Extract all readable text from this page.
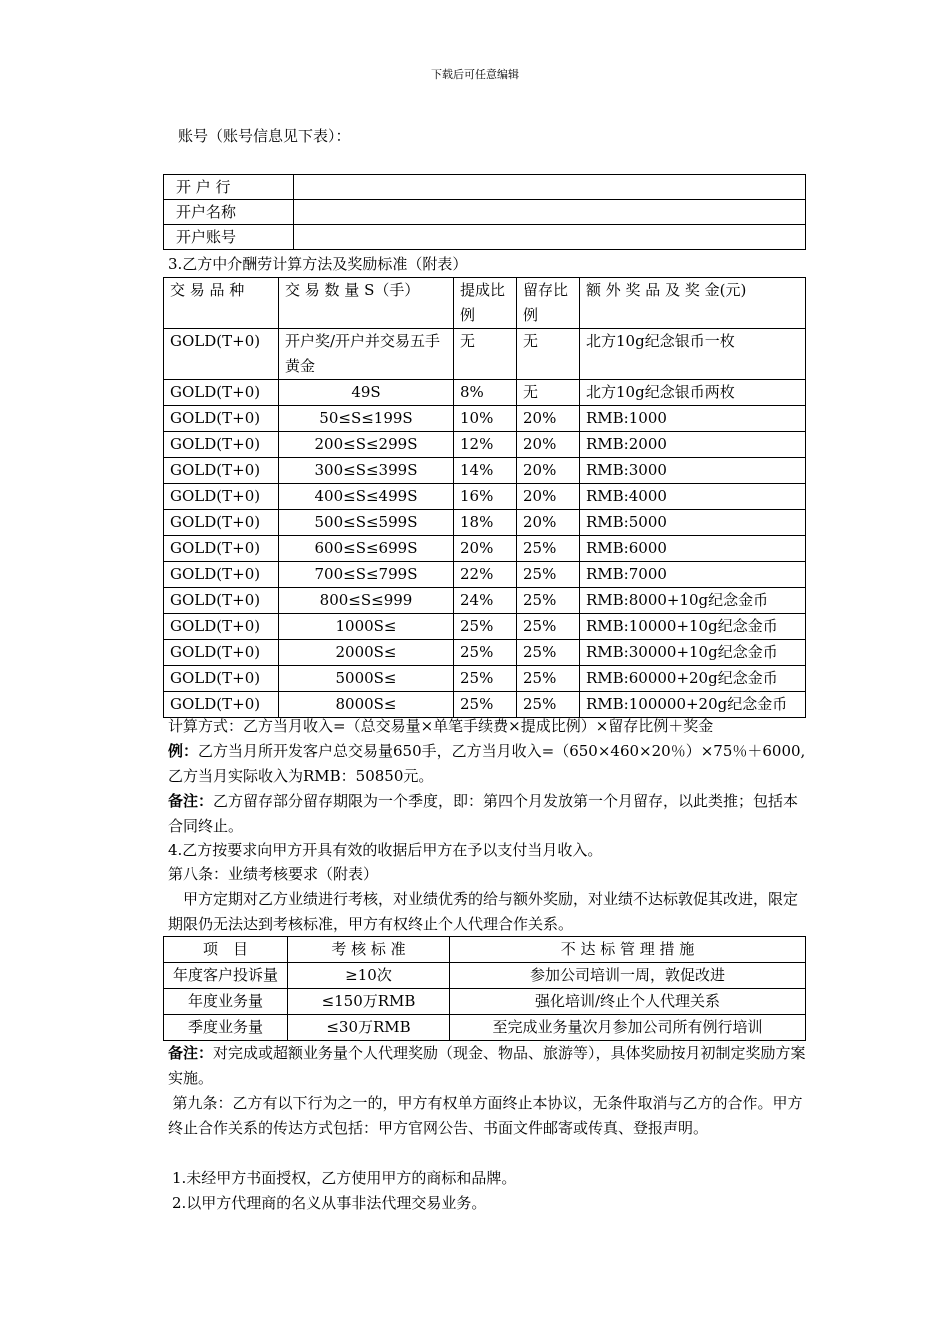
下载后可任意编辑
账号（账号信息见下表）：
开 户 行	
开户名称	
开户账号	
3.乙方中介酬劳计算方法及奖励标准（附表）
交 易 品 种	交 易 数 量 S（手）	提成比例	留存比例	额 外 奖 品 及 奖 金(元)
GOLD(T+0)	开户奖/开户并交易五手黄金	无	无	北方10g纪念银币一枚
GOLD(T+0)	49S	8%	无	北方10g纪念银币两枚
GOLD(T+0)	50≤S≤199S	10%	20%	RMB:1000
GOLD(T+0)	200≤S≤299S	12%	20%	RMB:2000
GOLD(T+0)	300≤S≤399S	14%	20%	RMB:3000
GOLD(T+0)	400≤S≤499S	16%	20%	RMB:4000
GOLD(T+0)	500≤S≤599S	18%	20%	RMB:5000
GOLD(T+0)	600≤S≤699S	20%	25%	RMB:6000
GOLD(T+0)	700≤S≤799S	22%	25%	RMB:7000
GOLD(T+0)	800≤S≤999	24%	25%	RMB:8000+10g纪念金币
GOLD(T+0)	1000S≤	25%	25%	RMB:10000+10g纪念金币
GOLD(T+0)	2000S≤	25%	25%	RMB:30000+10g纪念金币
GOLD(T+0)	5000S≤	25%	25%	RMB:60000+20g纪念金币
GOLD(T+0)	8000S≤	25%	25%	RMB:100000+20g纪念金币
计算方式：乙方当月收入=（总交易量×单笔手续费×提成比例）×留存比例＋奖金
例：乙方当月所开发客户总交易量650手，乙方当月收入=（650×460×20％）×75％＋6000,乙方当月实际收入为RMB：50850元。
备注：乙方留存部分留存期限为一个季度，即：第四个月发放第一个月留存，以此类推；包括本合同终止。
4.乙方按要求向甲方开具有效的收据后甲方在予以支付当月收入。
第八条：业绩考核要求（附表）
甲方定期对乙方业绩进行考核，对业绩优秀的给与额外奖励，对业绩不达标敦促其改进，限定期限仍无法达到考核标准，甲方有权终止个人代理合作关系。
项　目	考 核 标 准	不 达 标 管 理 措 施
年度客户投诉量	≥10次	参加公司培训一周，敦促改进
年度业务量	≤150万RMB	强化培训/终止个人代理关系
季度业务量	≤30万RMB	至完成业务量次月参加公司所有例行培训
备注：对完成或超额业务量个人代理奖励（现金、物品、旅游等），具体奖励按月初制定奖励方案实施。
第九条：乙方有以下行为之一的，甲方有权单方面终止本协议，无条件取消与乙方的合作。甲方终止合作关系的传达方式包括：甲方官网公告、书面文件邮寄或传真、登报声明。
1.未经甲方书面授权，乙方使用甲方的商标和品牌。
2.以甲方代理商的名义从事非法代理交易业务。
